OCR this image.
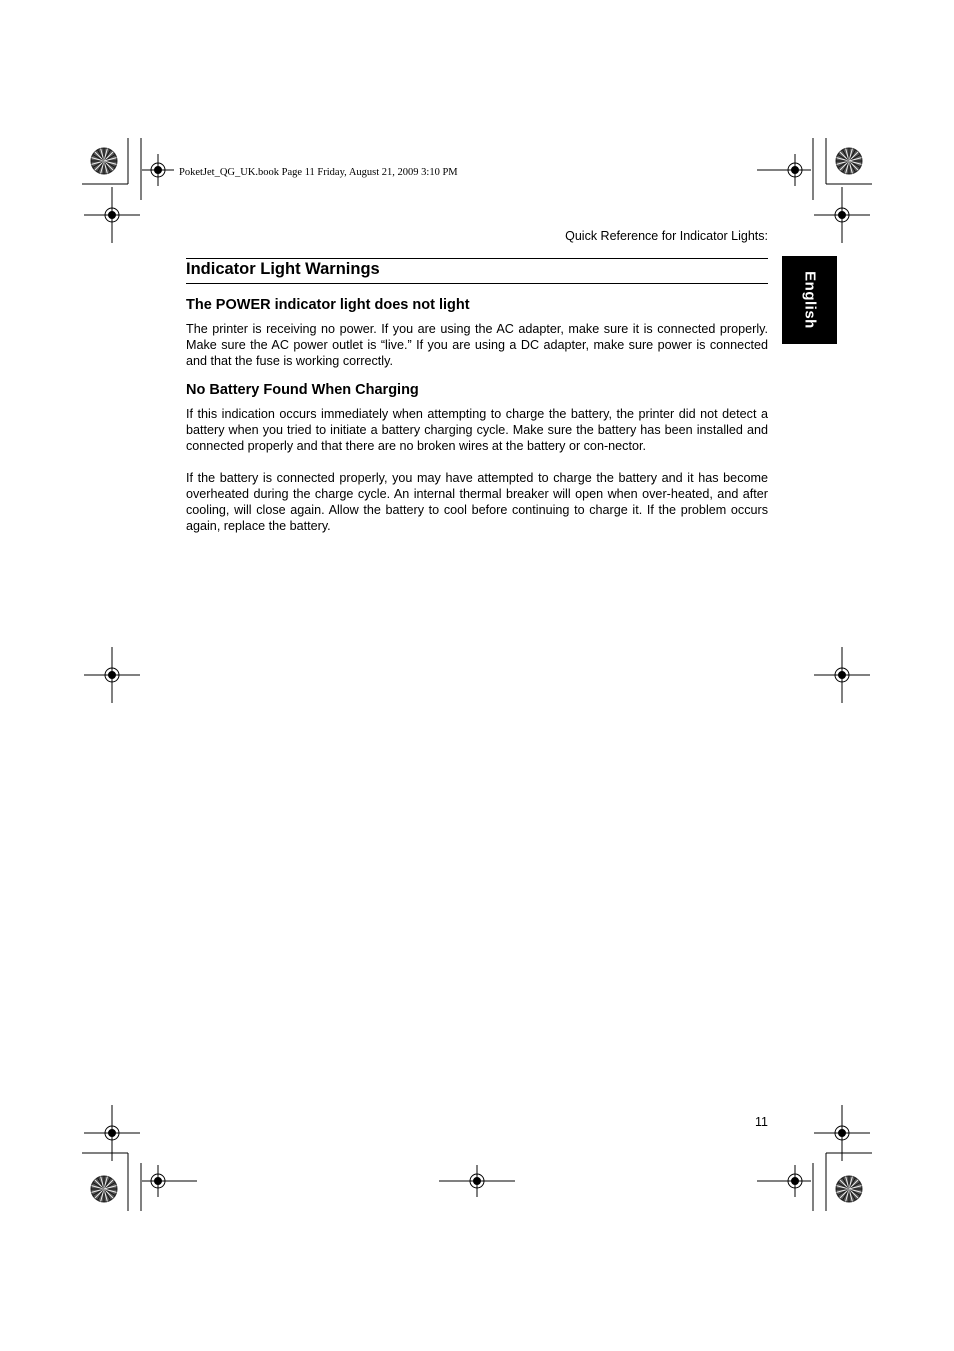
PoketJet_QG_UK.book Page 11 Friday, August 21, 2009 3:10 PM
Quick Reference for Indicator Lights:
Indicator Light Warnings
English
The POWER indicator light does not light

The printer is receiving no power. If you are using the AC adapter, make sure it is connected properly. Make sure the AC power outlet is “live.” If you are using a DC adapter, make sure power is connected and that the fuse is working correctly.

No Battery Found When Charging

If this indication occurs immediately when attempting to charge the battery, the printer did not detect a battery when you tried to initiate a battery charging cycle. Make sure the battery has been installed and connected properly and that there are no broken wires at the battery or con-nector.

If the battery is connected properly, you may have attempted to charge the battery and it has become overheated during the charge cycle. An internal thermal breaker will open when over-heated, and after cooling, will close again. Allow the battery to cool before continuing to charge it. If the problem occurs again, replace the battery.

11
